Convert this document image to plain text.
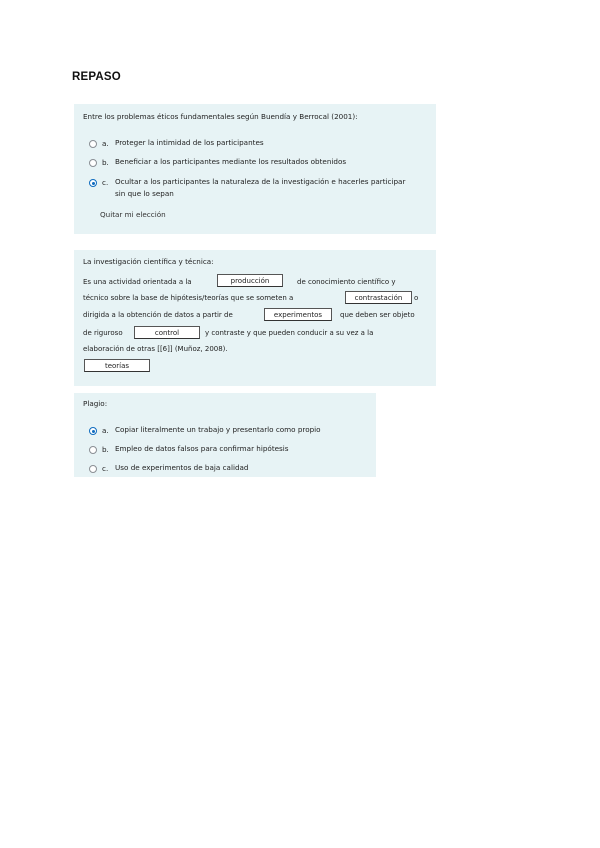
REPASO
Entre los problemas éticos fundamentales según Buendía y Berrocal (2001):
a. Proteger la intimidad de los participantes
b. Beneficiar a los participantes mediante los resultados obtenidos
c. Ocultar a los participantes la naturaleza de la investigación e hacerles participar sin que lo sepan
Quitar mi elección
La investigación científica y técnica:
Es una actividad orientada a la	producción	de conocimiento científico y
técnico sobre la base de hipótesis/teorías que se someten a	contrastación	o
dirigida a la obtención de datos a partir de	experimentos	que deben ser objeto
de riguroso	control	y contraste y que pueden conducir a su vez a la
elaboración de otras [[6]] (Muñoz, 2008).
teorías
Plagio:
a. Copiar literalmente un trabajo y presentarlo como propio
b. Empleo de datos falsos para confirmar hipótesis
c. Uso de experimentos de baja calidad
